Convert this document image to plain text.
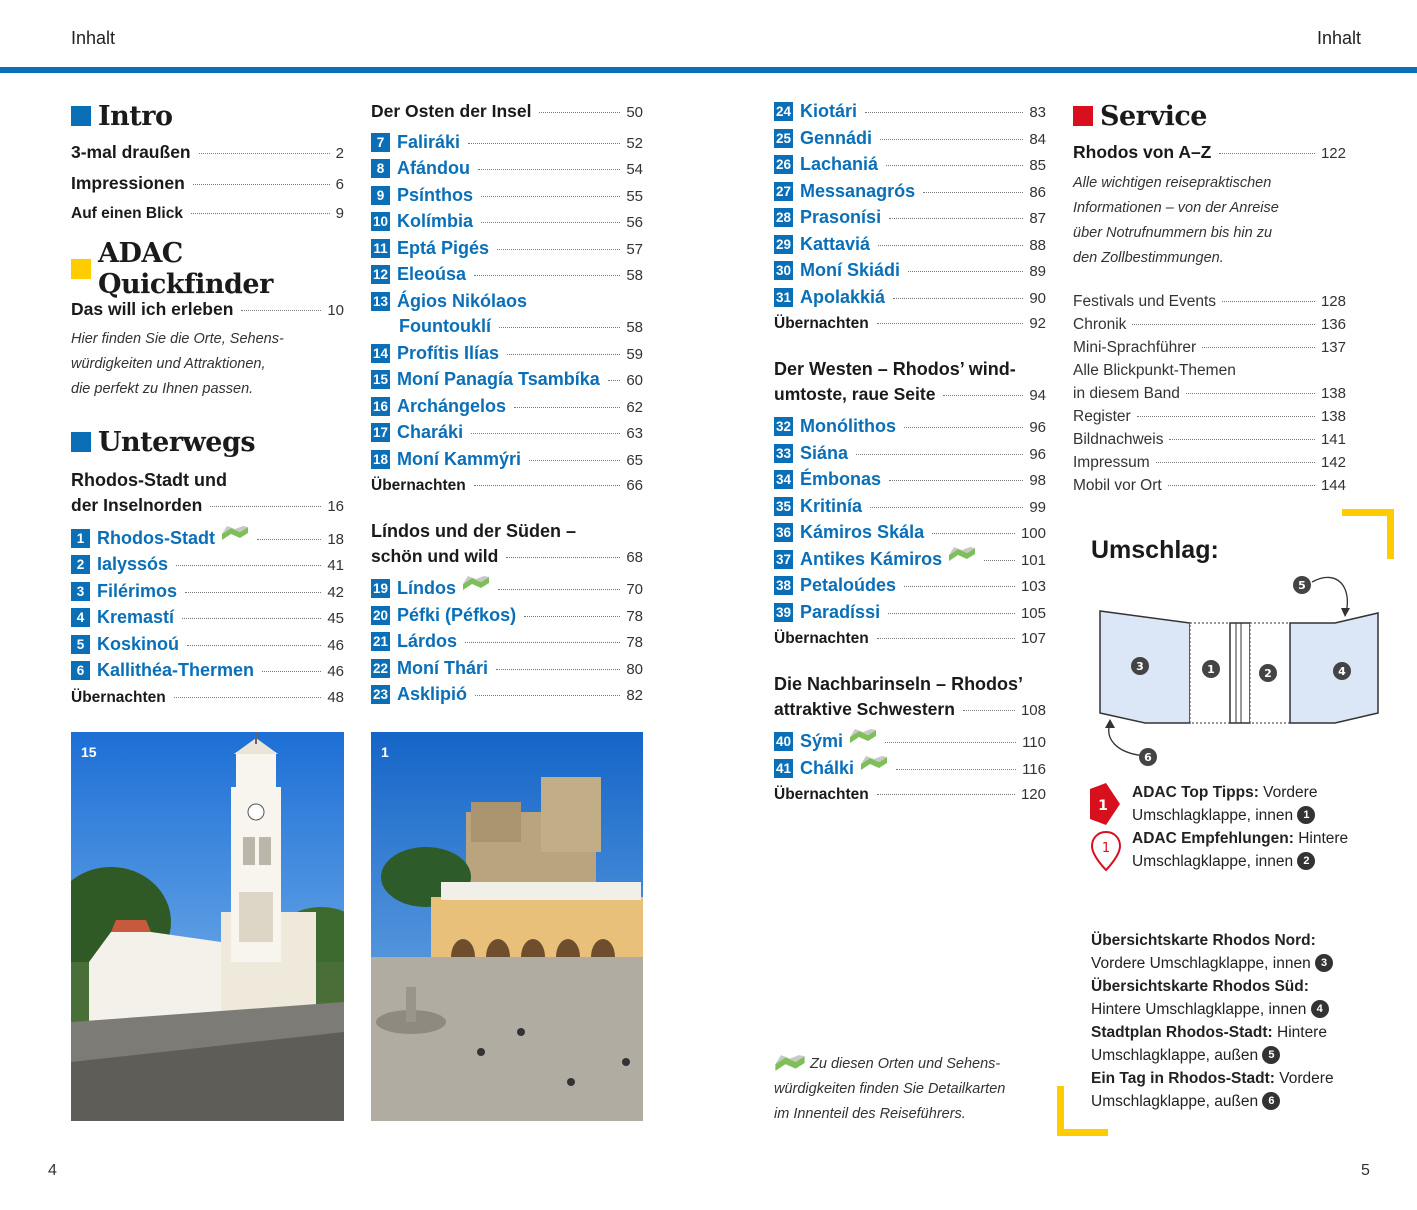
Inhalt	Inhalt
Intro
3-mal draußen	2
Impressionen	6
Auf einen Blick	9
ADAC Quickfinder
Das will ich erleben	10
Hier finden Sie die Orte, Sehens-
würdigkeiten und Attraktionen,
die perfekt zu Ihnen passen.
Unterwegs
Rhodos-Stadt und
der Inselnorden	16
1 Rhodos-Stadt	18
2 Ialyssós	41
3 Filérimos	42
4 Kremastí	45
5 Koskinoú	46
6 Kallithéa-Thermen	46
Übernachten	48
Der Osten der Insel	50
7 Faliráki	52
8 Afándou	54
9 Psínthos	55
10 Kolímbia	56
11 Eptá Pigés	57
12 Eleoúsa	58
13 Ágios Nikólaos
Fountouklí	58
14 Profítis Ilías	59
15 Moní Panagía Tsambíka 60
16 Archángelos	62
17 Charáki	63
18 Moní Kammýri	65
Übernachten	66
Líndos und der Süden –
schön und wild	68
19 Líndos	70
20 Péfki (Péfkos)	78
21 Lárdos	78
22 Moní Thári	80
23 Asklipió	82
15	1
24 Kiotári	83
25 Gennádi	84
26 Lachaniá	85
27 Messanagrós	86
28 Prasonísi	87
29 Kattaviá	88
30 Moní Skiádi	89
31 Apolakkiá	90
Übernachten	92
Der Westen – Rhodos’ wind-
umtoste, raue Seite	94
32 Monólithos	96
33 Siána	96
34 Émbonas	98
35 Kritinía	99
36 Kámiros Skála	100
37 Antikes Kámiros	101
38 Petaloúdes	103
39 Paradíssi	105
Übernachten	107
Die Nachbarinseln – Rhodos’
attraktive Schwestern	108
40 Sými	110
41 Chálki	116
Übernachten	120
Zu diesen Orten und Sehens-
würdigkeiten finden Sie Detailkarten
im Innenteil des Reiseführers.
Service
Rhodos von A–Z	122
Alle wichtigen reisepraktischen
Informationen – von der Anreise
über Notrufnummern bis hin zu
den Zollbestimmungen.
Festivals und Events	128
Chronik	136
Mini-Sprachführer	137
Alle Blickpunkt-Themen
in diesem Band	138
Register	138
Bildnachweis	141
Impressum	142
Mobil vor Ort	144
Umschlag:
3	1	2	4
5
6
1
ADAC Top Tipps: Vordere
Umschlagklappe, innen 1
1
ADAC Empfehlungen: Hintere
Umschlagklappe, innen 2
Übersichtskarte Rhodos Nord:
Vordere Umschlagklappe, innen 3
Übersichtskarte Rhodos Süd:
Hintere Umschlagklappe, innen 4
Stadtplan Rhodos-Stadt: Hintere
Umschlagklappe, außen 5
Ein Tag in Rhodos-Stadt: Vordere
Umschlagklappe, außen 6
4	5
